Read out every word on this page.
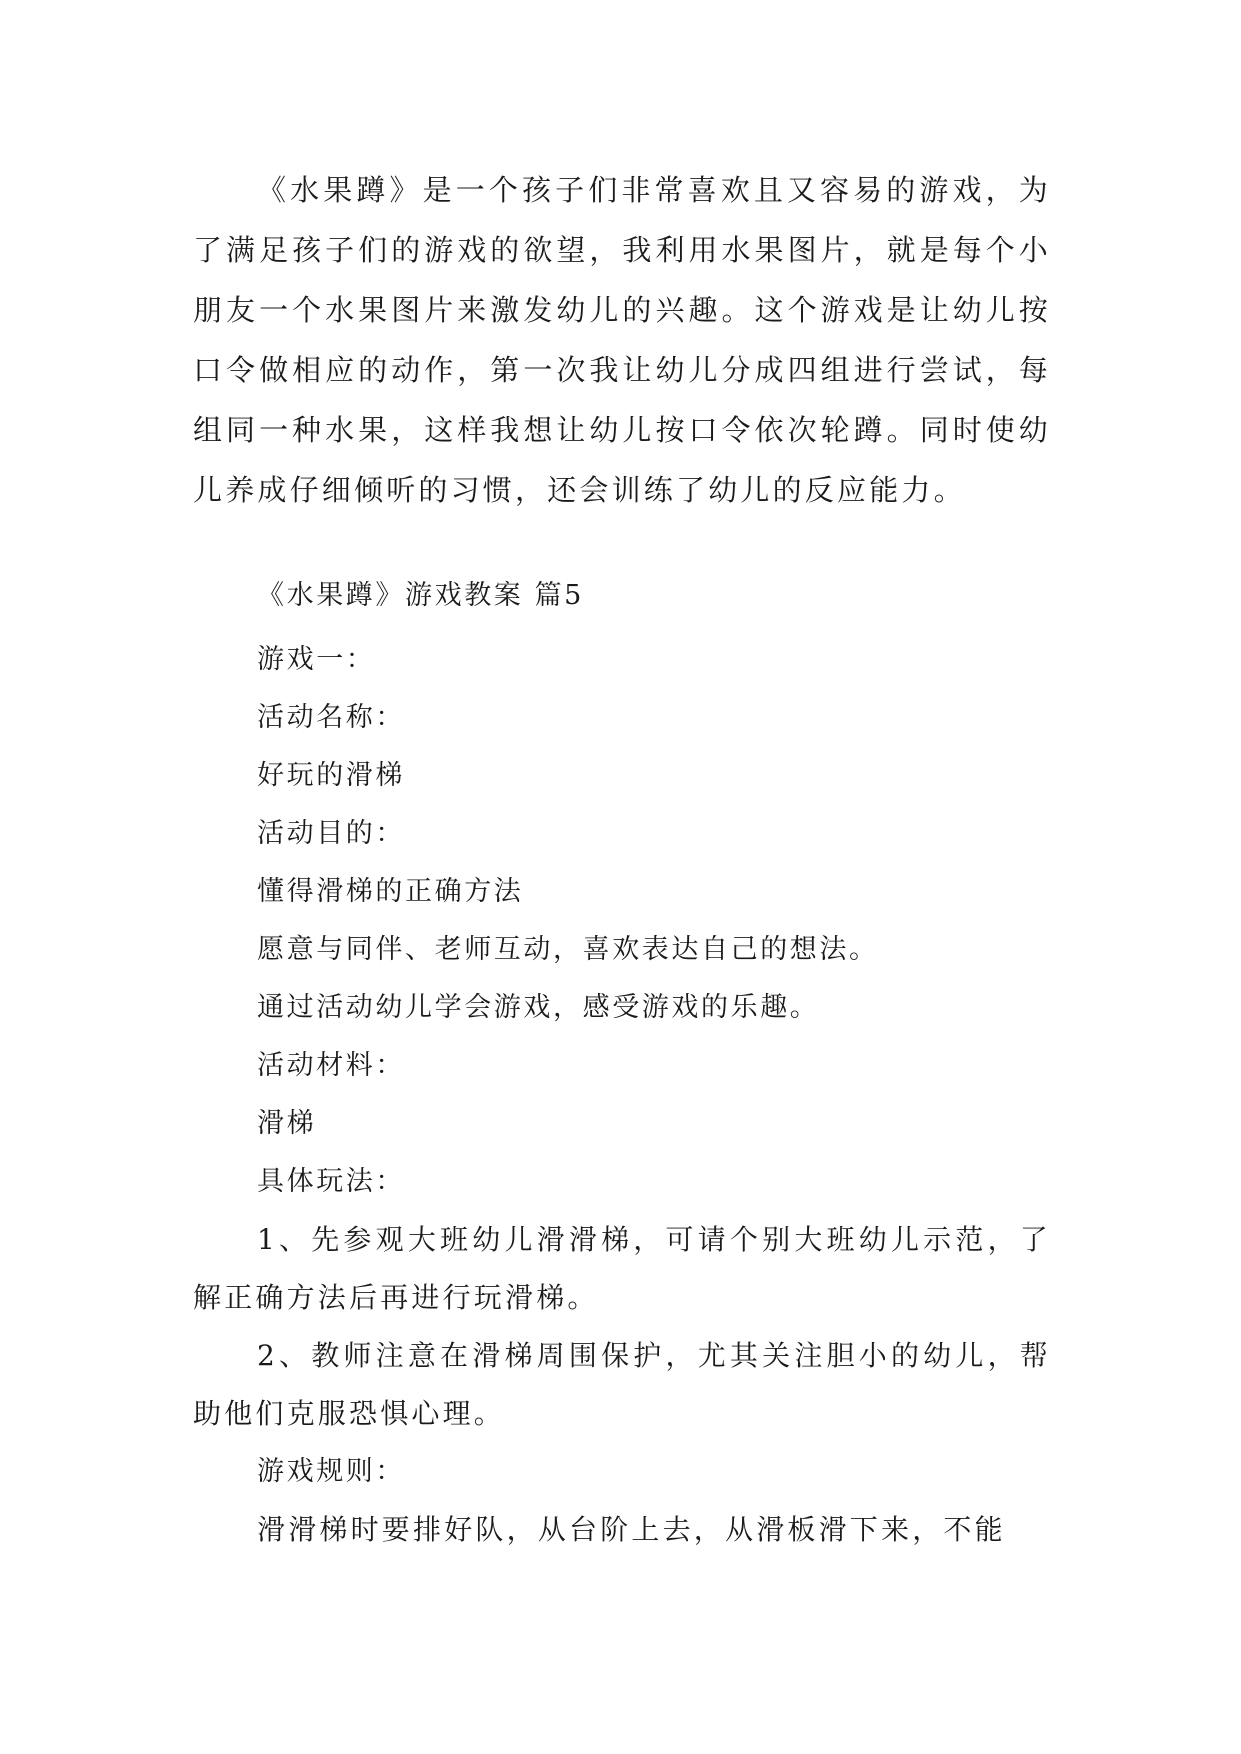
《水果蹲》是一个孩子们非常喜欢且又容易的游戏，为了满足孩子们的游戏的欲望，我利用水果图片，就是每个小朋友一个水果图片来激发幼儿的兴趣。这个游戏是让幼儿按口令做相应的动作，第一次我让幼儿分成四组进行尝试，每组同一种水果，这样我想让幼儿按口令依次轮蹲。同时使幼儿养成仔细倾听的习惯，还会训练了幼儿的反应能力。

《水果蹲》游戏教案 篇5

游戏一：

活动名称：

好玩的滑梯

活动目的：

懂得滑梯的正确方法

愿意与同伴、老师互动，喜欢表达自己的想法。

通过活动幼儿学会游戏，感受游戏的乐趣。

活动材料：

滑梯

具体玩法：

1、先参观大班幼儿滑滑梯，可请个别大班幼儿示范，了解正确方法后再进行玩滑梯。

2、教师注意在滑梯周围保护，尤其关注胆小的幼儿，帮助他们克服恐惧心理。

游戏规则：

滑滑梯时要排好队，从台阶上去，从滑板滑下来，不能
